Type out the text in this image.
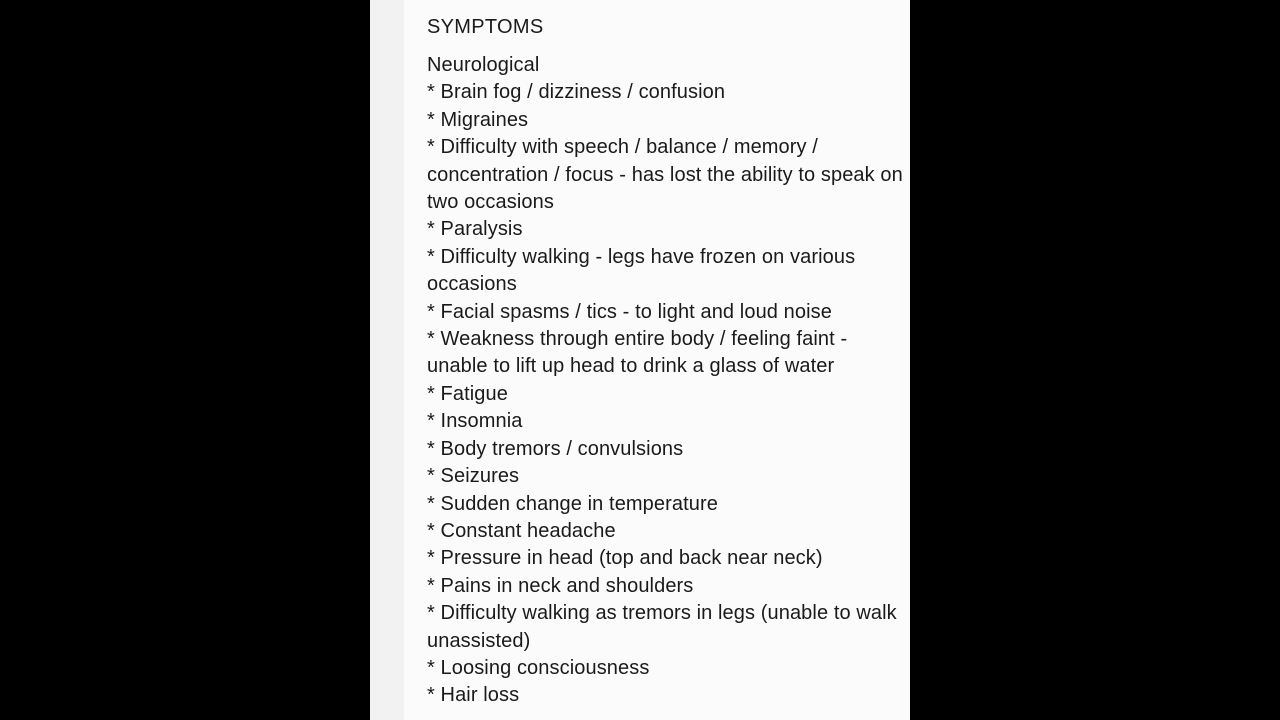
SYMPTOMS
Neurological
* Brain fog / dizziness / confusion
* Migraines
* Difficulty with speech / balance / memory / concentration / focus - has lost the ability to speak on two occasions
* Paralysis
* Difficulty walking - legs have frozen on various occasions
* Facial spasms / tics - to light and loud noise
* Weakness through entire body / feeling faint - unable to lift up head to drink a glass of water
* Fatigue
* Insomnia
* Body tremors / convulsions
* Seizures
* Sudden change in temperature
* Constant headache
* Pressure in head (top and back near neck)
* Pains in neck and shoulders
* Difficulty walking as tremors in legs (unable to walk unassisted)
* Loosing consciousness
* Hair loss
